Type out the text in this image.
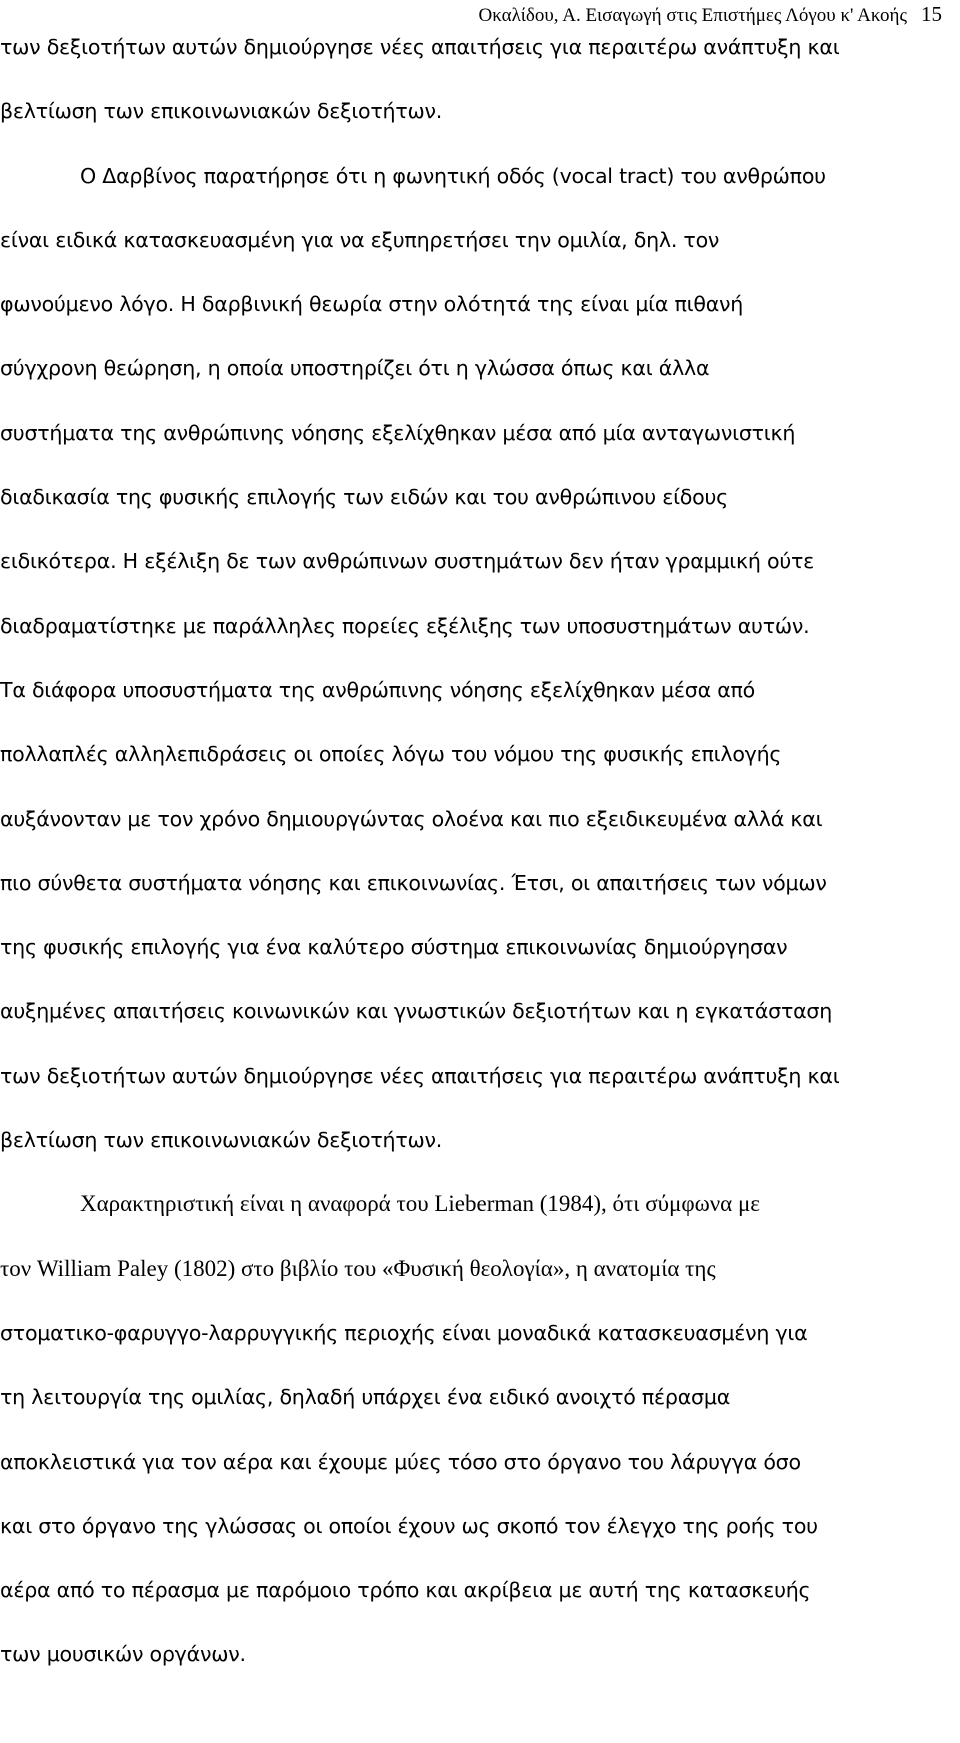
Οκαλίδου, Α. Εισαγωγή στις Επιστήμες Λόγου κ' Ακοής 15
των δεξιοτήτων αυτών δημιούργησε νέες απαιτήσεις για περαιτέρω ανάπτυξη και
βελτίωση των επικοινωνιακών δεξιοτήτων.
Ο Δαρβίνος παρατήρησε ότι η φωνητική οδός (vocal tract) του ανθρώπου
είναι ειδικά κατασκευασμένη για να εξυπηρετήσει την ομιλία, δηλ. τον
φωνούμενο λόγο. Η δαρβινική θεωρία στην ολότητά της είναι μία πιθανή
σύγχρονη θεώρηση, η οποία υποστηρίζει ότι η γλώσσα όπως και άλλα
συστήματα της ανθρώπινης νόησης εξελίχθηκαν μέσα από μία ανταγωνιστική
διαδικασία της φυσικής επιλογής των ειδών και του ανθρώπινου είδους
ειδικότερα. Η εξέλιξη δε των ανθρώπινων συστημάτων δεν ήταν γραμμική ούτε
διαδραματίστηκε με παράλληλες πορείες εξέλιξης των υποσυστημάτων αυτών.
Τα διάφορα υποσυστήματα της ανθρώπινης νόησης εξελίχθηκαν μέσα από
πολλαπλές αλληλεπιδράσεις οι οποίες λόγω του νόμου της φυσικής επιλογής
αυξάνονταν με τον χρόνο δημιουργώντας ολοένα και πιο εξειδικευμένα αλλά και
πιο σύνθετα συστήματα νόησης και επικοινωνίας. Έτσι, οι απαιτήσεις των νόμων
της φυσικής επιλογής για ένα καλύτερο σύστημα επικοινωνίας δημιούργησαν
αυξημένες απαιτήσεις κοινωνικών και γνωστικών δεξιοτήτων και η εγκατάσταση
των δεξιοτήτων αυτών δημιούργησε νέες απαιτήσεις για περαιτέρω ανάπτυξη και
βελτίωση των επικοινωνιακών δεξιοτήτων.
Χαρακτηριστική είναι η αναφορά του Lieberman (1984), ότι σύμφωνα με
τον William Paley (1802) στο βιβλίο του «Φυσική θεολογία», η ανατομία της
στοματικο-φαρυγγο-λαρρυγγικής περιοχής είναι μοναδικά κατασκευασμένη για
τη λειτουργία της ομιλίας, δηλαδή υπάρχει ένα ειδικό ανοιχτό πέρασμα
αποκλειστικά για τον αέρα και έχουμε μύες τόσο στο όργανο του λάρυγγα όσο
και στο όργανο της γλώσσας οι οποίοι έχουν ως σκοπό τον έλεγχο της ροής του
αέρα από το πέρασμα με παρόμοιο τρόπο και ακρίβεια με αυτή της κατασκευής
των μουσικών οργάνων.
